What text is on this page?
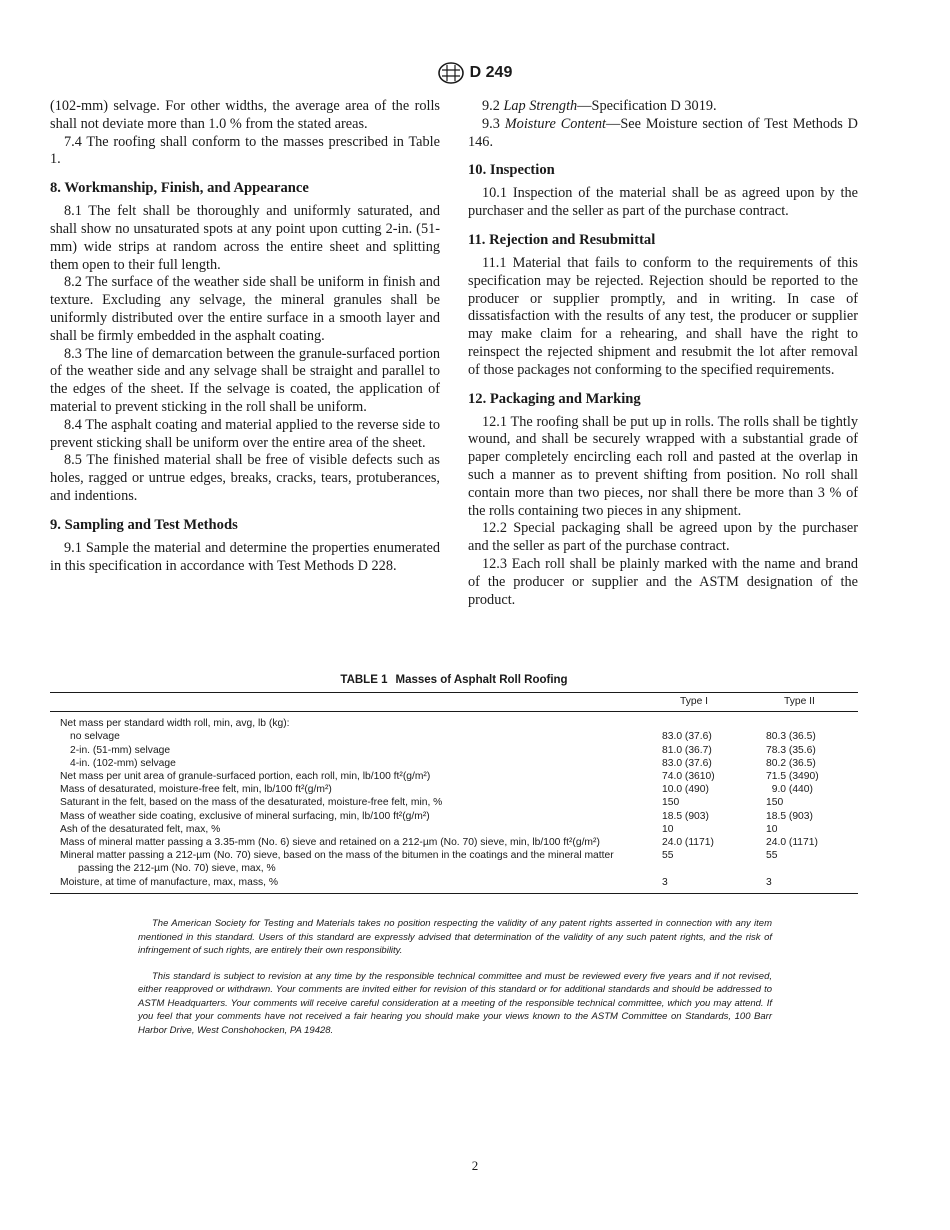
D 249

(102-mm) selvage. For other widths, the average area of the rolls shall not deviate more than 1.0 % from the stated areas.

7.4 The roofing shall conform to the masses prescribed in Table 1.

8. Workmanship, Finish, and Appearance

8.1 The felt shall be thoroughly and uniformly saturated, and shall show no unsaturated spots at any point upon cutting 2-in. (51-mm) wide strips at random across the entire sheet and splitting them open to their full length.

8.2 The surface of the weather side shall be uniform in finish and texture. Excluding any selvage, the mineral granules shall be uniformly distributed over the entire surface in a smooth layer and shall be firmly embedded in the asphalt coating.

8.3 The line of demarcation between the granule-surfaced portion of the weather side and any selvage shall be straight and parallel to the edges of the sheet. If the selvage is coated, the application of material to prevent sticking in the roll shall be uniform.

8.4 The asphalt coating and material applied to the reverse side to prevent sticking shall be uniform over the entire area of the sheet.

8.5 The finished material shall be free of visible defects such as holes, ragged or untrue edges, breaks, cracks, tears, protuberances, and indentions.

9. Sampling and Test Methods

9.1 Sample the material and determine the properties enumerated in this specification in accordance with Test Methods D 228.

9.2 Lap Strength—Specification D 3019.

9.3 Moisture Content—See Moisture section of Test Methods D 146.

10. Inspection

10.1 Inspection of the material shall be as agreed upon by the purchaser and the seller as part of the purchase contract.

11. Rejection and Resubmittal

11.1 Material that fails to conform to the requirements of this specification may be rejected. Rejection should be reported to the producer or supplier promptly, and in writing. In case of dissatisfaction with the results of any test, the producer or supplier may make claim for a rehearing, and shall have the right to reinspect the rejected shipment and resubmit the lot after removal of those packages not conforming to the specified requirements.

12. Packaging and Marking

12.1 The roofing shall be put up in rolls. The rolls shall be tightly wound, and shall be securely wrapped with a substantial grade of paper completely encircling each roll and pasted at the overlap in such a manner as to prevent shifting from position. No roll shall contain more than two pieces, nor shall there be more than 3 % of the rolls containing two pieces in any shipment.

12.2 Special packaging shall be agreed upon by the purchaser and the seller as part of the purchase contract.

12.3 Each roll shall be plainly marked with the name and brand of the producer or supplier and the ASTM designation of the product.

TABLE 1 Masses of Asphalt Roll Roofing
	Type I	Type II
Net mass per standard width roll, min, avg, lb (kg):		
no selvage	83.0 (37.6)	80.3 (36.5)
2-in. (51-mm) selvage	81.0 (36.7)	78.3 (35.6)
4-in. (102-mm) selvage	83.0 (37.6)	80.2 (36.5)
Net mass per unit area of granule-surfaced portion, each roll, min, lb/100 ft²(g/m²)	74.0 (3610)	71.5 (3490)
Mass of desaturated, moisture-free felt, min, lb/100 ft²(g/m²)	10.0 (490)	9.0 (440)
Saturant in the felt, based on the mass of the desaturated, moisture-free felt, min, %	150	150
Mass of weather side coating, exclusive of mineral surfacing, min, lb/100 ft²(g/m²)	18.5 (903)	18.5 (903)
Ash of the desaturated felt, max, %	10	10
Mass of mineral matter passing a 3.35-mm (No. 6) sieve and retained on a 212-µm (No. 70) sieve, min, lb/100 ft²(g/m²)	24.0 (1171)	24.0 (1171)
Mineral matter passing a 212-µm (No. 70) sieve, based on the mass of the bitumen in the coatings and the mineral matter	55	55
passing the 212-µm (No. 70) sieve, max, %		
Moisture, at time of manufacture, max, mass, %	3	3

The American Society for Testing and Materials takes no position respecting the validity of any patent rights asserted in connection with any item mentioned in this standard. Users of this standard are expressly advised that determination of the validity of any such patent rights, and the risk of infringement of such rights, are entirely their own responsibility.

This standard is subject to revision at any time by the responsible technical committee and must be reviewed every five years and if not revised, either reapproved or withdrawn. Your comments are invited either for revision of this standard or for additional standards and should be addressed to ASTM Headquarters. Your comments will receive careful consideration at a meeting of the responsible technical committee, which you may attend. If you feel that your comments have not received a fair hearing you should make your views known to the ASTM Committee on Standards, 100 Barr Harbor Drive, West Conshohocken, PA 19428.

2
